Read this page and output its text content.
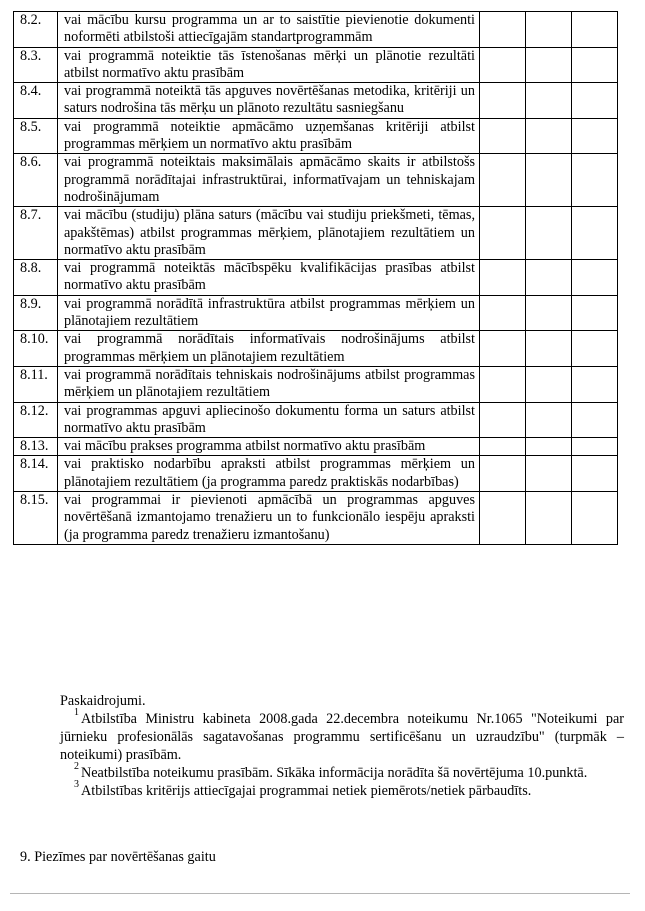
8.2.	vai mācību kursu programma un ar to saistītie pievienotie dokumenti noformēti atbilstoši attiecīgajām standartprogrammām			
8.3.	vai programmā noteiktie tās īstenošanas mērķi un plānotie rezultāti atbilst normatīvo aktu prasībām			
8.4.	vai programmā noteiktā tās apguves novērtēšanas metodika, kritēriji un saturs nodrošina tās mērķu un plānoto rezultātu sasniegšanu			
8.5.	vai programmā noteiktie apmācāmo uzņemšanas kritēriji atbilst programmas mērķiem un normatīvo aktu prasībām			
8.6.	vai programmā noteiktais maksimālais apmācāmo skaits ir atbilstošs programmā norādītajai infrastruktūrai, informatīvajam un tehniskajam nodrošinājumam			
8.7.	vai mācību (studiju) plāna saturs (mācību vai studiju priekšmeti, tēmas, apakštēmas) atbilst programmas mērķiem, plānotajiem rezultātiem un normatīvo aktu prasībām			
8.8.	vai programmā noteiktās mācībspēku kvalifikācijas prasības atbilst normatīvo aktu prasībām			
8.9.	vai programmā norādītā infrastruktūra atbilst programmas mērķiem un plānotajiem rezultātiem			
8.10.	vai programmā norādītais informatīvais nodrošinājums atbilst programmas mērķiem un plānotajiem rezultātiem			
8.11.	vai programmā norādītais tehniskais nodrošinājums atbilst programmas mērķiem un plānotajiem rezultātiem			
8.12.	vai programmas apguvi apliecinošo dokumentu forma un saturs atbilst normatīvo aktu prasībām			
8.13.	vai mācību prakses programma atbilst normatīvo aktu prasībām			
8.14.	vai praktisko nodarbību apraksti atbilst programmas mērķiem un plānotajiem rezultātiem (ja programma paredz praktiskās nodarbības)			
8.15.	vai programmai ir pievienoti apmācībā un programmas apguves novērtēšanā izmantojamo trenažieru un to funkcionālo iespēju apraksti (ja programma paredz trenažieru izmantošanu)			

Paskaidrojumi.

$^1$ Atbilstība Ministru kabineta 2008.gada 22.decembra noteikumu Nr.1065 "Noteikumi par jūrnieku profesionālās sagatavošanas programmu sertificēšanu un uzraudzību" (turpmāk – noteikumi) prasībām.

$^2$ Neatbilstība noteikumu prasībām. Sīkāka informācija norādīta šā novērtējuma 10.punktā.

$^3$ Atbilstības kritērijs attiecīgajai programmai netiek piemērots/netiek pārbaudīts.

9. Piezīmes par novērtēšanas gaitu
